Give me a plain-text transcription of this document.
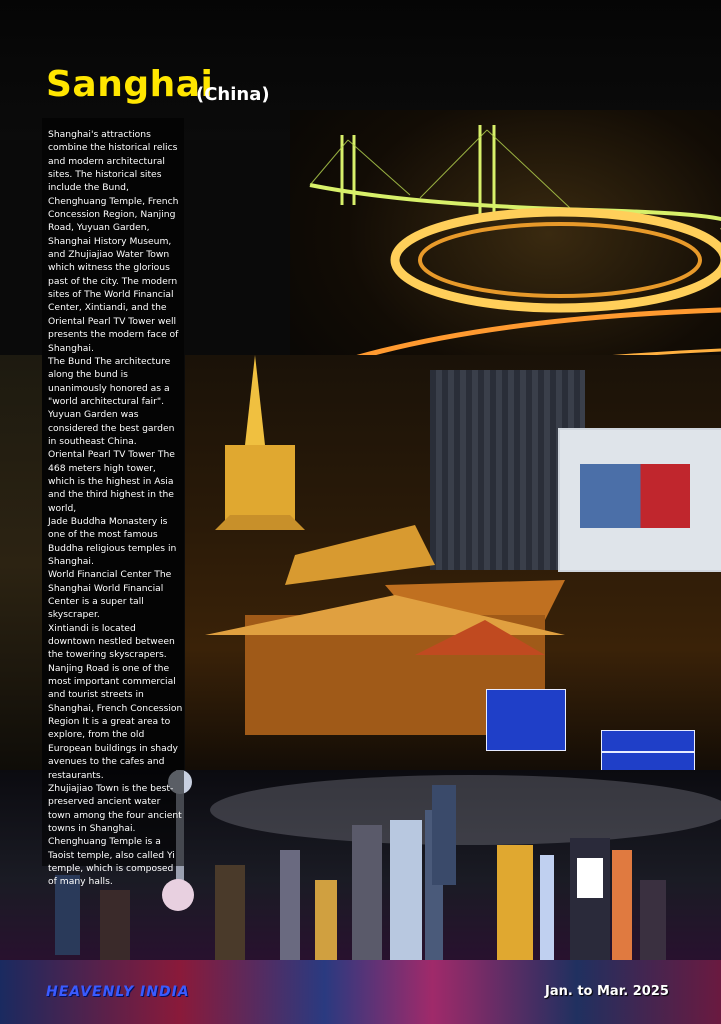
Sanghai
(China)

Shanghai's attractions combine the historical relics and modern architectural sites. The historical sites include the Bund, Chenghuang Temple, French Concession Region, Nanjing Road, Yuyuan Garden, Shanghai History Museum, and Zhujiajiao Water Town which witness the glorious past of the city. The modern sites of The World Financial Center, Xintiandi, and the Oriental Pearl TV Tower well presents the modern face of Shanghai.

The Bund The architecture along the bund is unanimously honored as a "world architectural fair".

Yuyuan Garden was considered the best garden in southeast China.

Oriental Pearl TV Tower The 468 meters high tower, which is the highest in Asia and the third highest in the world,

Jade Buddha Monastery is one of the most famous Buddha religious temples in Shanghai.

World Financial Center The Shanghai World Financial Center is a super tall skyscraper.

Xintiandi is located downtown nestled between the towering skyscrapers.

Nanjing Road is one of the most important commercial and tourist streets in Shanghai, French Concession Region It is a great area to explore, from the old European buildings in shady avenues to the cafes and restaurants.

Zhujiajiao Town is the best-preserved ancient water town among the four ancient towns in Shanghai.

Chenghuang Temple is a Taoist temple, also called Yi temple, which is composed of many halls.

HEAVENLY INDIA	Jan. to Mar. 2025
